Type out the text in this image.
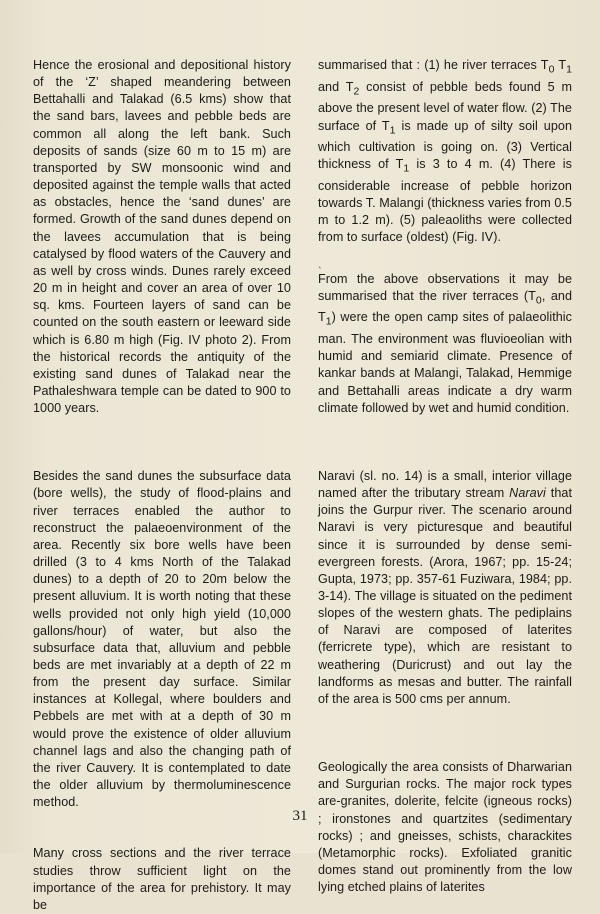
Hence the erosional and depositional history of the ‘Z’ shaped meandering between Bettahalli and Talakad (6.5 kms) show that the sand bars, lavees and pebble beds are common all along the left bank. Such deposits of sands (size 60 m to 15 m) are transported by SW monsoonic wind and deposited against the temple walls that acted as obstacles, hence the ‘sand dunes’ are formed. Growth of the sand dunes depend on the lavees accumulation that is being catalysed by flood waters of the Cauvery and as well by cross winds. Dunes rarely exceed 20 m in height and cover an area of over 10 sq. kms. Fourteen layers of sand can be counted on the south eastern or leeward side which is 6.80 m high (Fig. IV photo 2). From the historical records the antiquity of the existing sand dunes of Talakad near the Pathaleshwara temple can be dated to 900 to 1000 years.

Besides the sand dunes the subsurface data (bore wells), the study of flood-plains and river terraces enabled the author to reconstruct the palaeoenvironment of the area. Recently six bore wells have been drilled (3 to 4 kms North of the Talakad dunes) to a depth of 20 to 20m below the present alluvium. It is worth noting that these wells provided not only high yield (10,000 gallons/hour) of water, but also the subsurface data that, alluvium and pebble beds are met invariably at a depth of 22 m from the present day surface. Similar instances at Kollegal, where boulders and Pebbels are met with at a depth of 30 m would prove the existence of older alluvium channel lags and also the changing path of the river Cauvery. It is contemplated to date the older alluvium by thermoluminescence method.

Many cross sections and the river terrace studies throw sufficient light on the importance of the area for prehistory. It may be

summarised that : (1) he river terraces $T_0$ $T_1$ and $T_2$ consist of pebble beds found 5 m above the present level of water flow. (2) The surface of $T_1$ is made up of silty soil upon which cultivation is going on. (3) Vertical thickness of $T_1$ is 3 to 4 m. (4) There is considerable increase of pebble horizon towards T. Malangi (thickness varies from 0.5 m to 1.2 m). (5) paleaoliths were collected from to surface (oldest) (Fig. IV).

ˎ

From the above observations it may be summarised that the river terraces ($T_0$, and $T_1$) were the open camp sites of palaeolithic man. The environment was fluvioeolian with humid and semiarid climate. Presence of kankar bands at Malangi, Talakad, Hemmige and Bettahalli areas indicate a dry warm climate followed by wet and humid condition.

Naravi (sl. no. 14) is a small, interior village named after the tributary stream Naravi that joins the Gurpur river. The scenario around Naravi is very picturesque and beautiful since it is surrounded by dense semi-evergreen forests. (Arora, 1967; pp. 15-24; Gupta, 1973; pp. 357-61 Fuziwara, 1984; pp. 3-14). The village is situated on the pediment slopes of the western ghats. The pediplains of Naravi are composed of laterites (ferricrete type), which are resistant to weathering (Duricrust) and out lay the landforms as mesas and butter. The rainfall of the area is 500 cms per annum.

Geologically the area consists of Dharwarian and Surgurian rocks. The major rock types are-granites, dolerite, felcite (igneous rocks) ; ironstones and quartzites (sedimentary rocks) ; and gneisses, schists, charackites (Metamorphic rocks). Exfoliated granitic domes stand out prominently from the low lying etched plains of laterites

31
